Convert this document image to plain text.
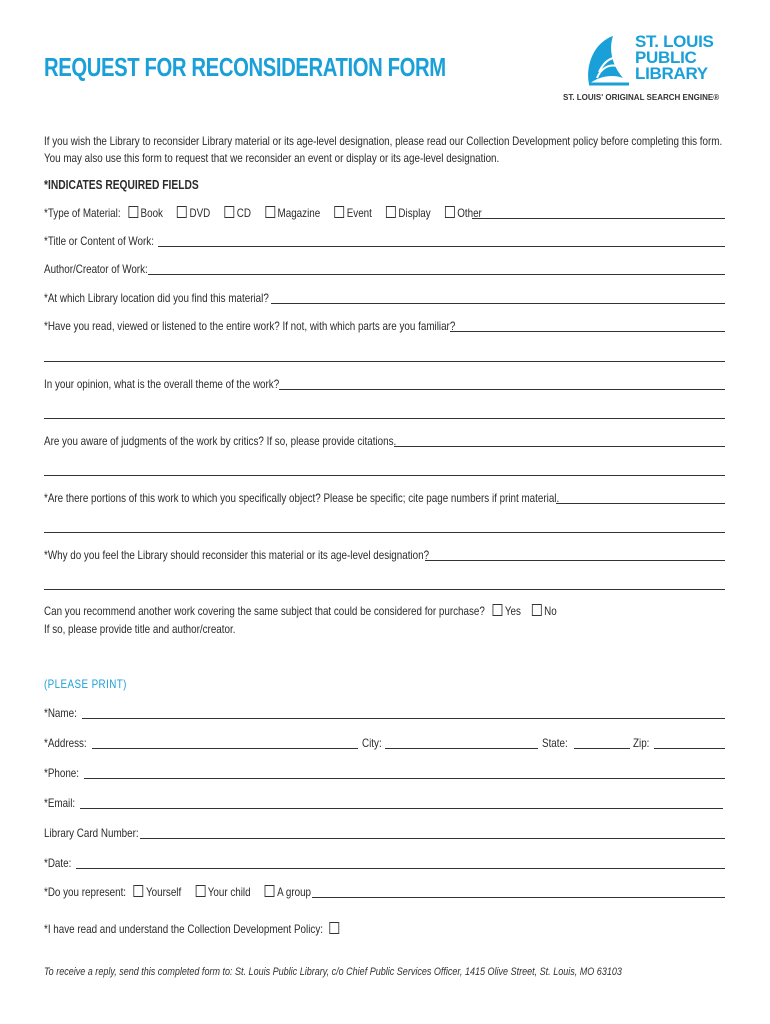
REQUEST FOR RECONSIDERATION FORM
ST. LOUIS
PUBLIC
LIBRARY
ST. LOUIS' ORIGINAL SEARCH ENGINE®
If you wish the Library to reconsider Library material or its age-level designation, please read our Collection Development policy before completing this form.
You may also use this form to request that we reconsider an event or display or its age-level designation.
*INDICATES REQUIRED FIELDS
*Type of Material: Book DVD CD Magazine Event Display Other
*Title or Content of Work:
Author/Creator of Work:
*At which Library location did you find this material?
*Have you read, viewed or listened to the entire work? If not, with which parts are you familiar?
In your opinion, what is the overall theme of the work?
Are you aware of judgments of the work by critics? If so, please provide citations.
*Are there portions of this work to which you specifically object? Please be specific; cite page numbers if print material.
*Why do you feel the Library should reconsider this material or its age-level designation?
Can you recommend another work covering the same subject that could be considered for purchase? Yes No
If so, please provide title and author/creator.
(PLEASE PRINT)
*Name:
*Address:	City:	State:	Zip:
*Phone:
*Email:
Library Card Number:
*Date:
*Do you represent: Yourself Your child A group
*I have read and understand the Collection Development Policy:
To receive a reply, send this completed form to: St. Louis Public Library, c/o Chief Public Services Officer, 1415 Olive Street, St. Louis, MO 63103
